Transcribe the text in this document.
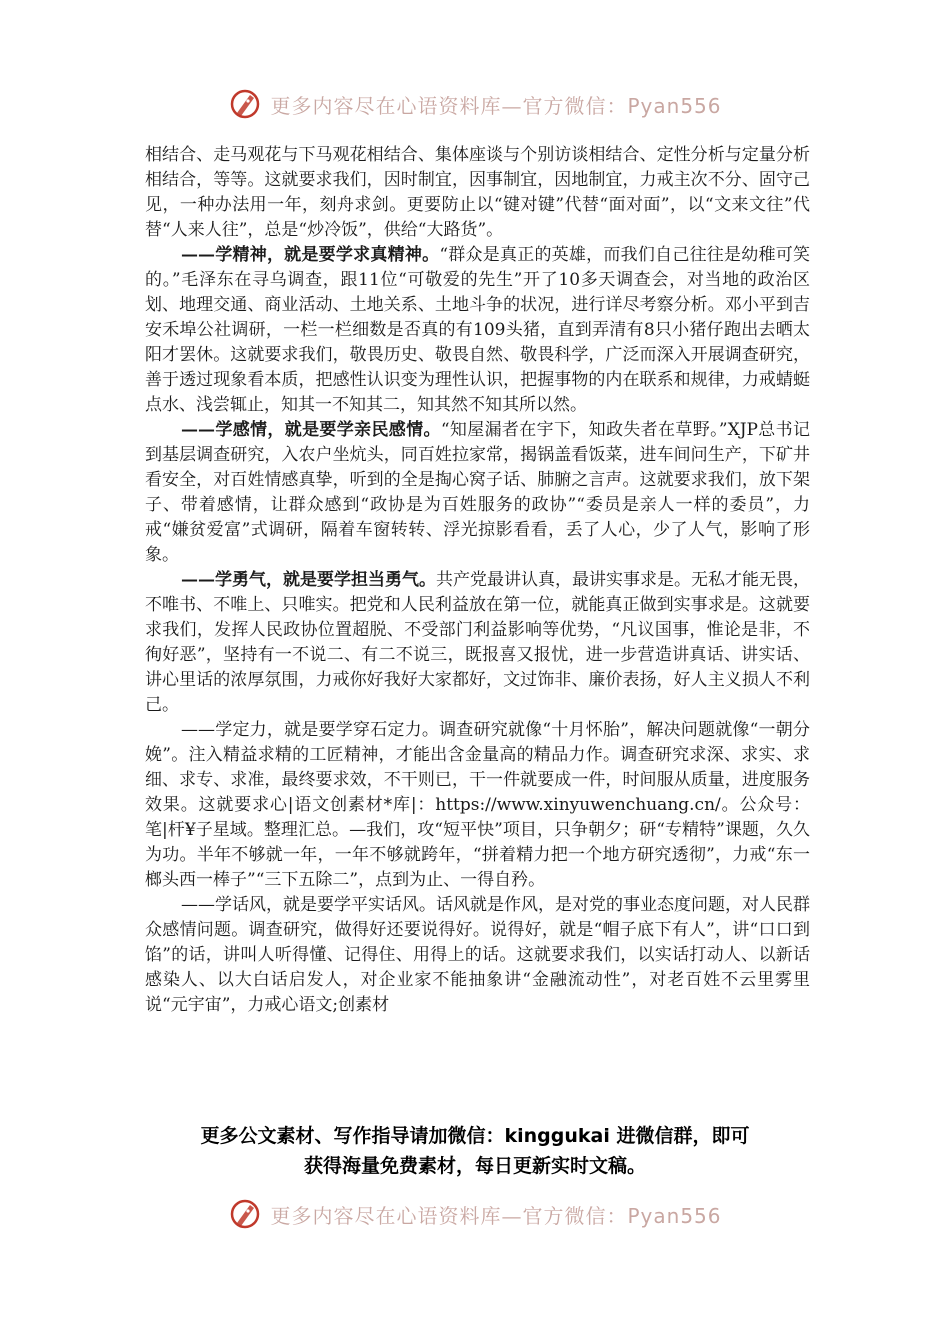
更多内容尽在心语资料库—官方微信：Pyan556

相结合、走马观花与下马观花相结合、集体座谈与个别访谈相结合、定性分析与定量分析相结合，等等。这就要求我们，因时制宜，因事制宜，因地制宜，力戒主次不分、固守己见，一种办法用一年，刻舟求剑。更要防止以“键对键”代替“面对面”，以“文来文往”代替“人来人往”，总是“炒冷饭”，供给“大路货”。

——学精神，就是要学求真精神。“群众是真正的英雄，而我们自己往往是幼稚可笑的。”毛泽东在寻乌调查，跟11位“可敬爱的先生”开了10多天调查会，对当地的政治区划、地理交通、商业活动、土地关系、土地斗争的状况，进行详尽考察分析。邓小平到吉安禾埠公社调研，一栏一栏细数是否真的有109头猪，直到弄清有8只小猪仔跑出去晒太阳才罢休。这就要求我们，敬畏历史、敬畏自然、敬畏科学，广泛而深入开展调查研究，善于透过现象看本质，把感性认识变为理性认识，把握事物的内在联系和规律，力戒蜻蜓点水、浅尝辄止，知其一不知其二，知其然不知其所以然。

——学感情，就是要学亲民感情。“知屋漏者在宇下，知政失者在草野。”XJP总书记到基层调查研究，入农户坐炕头，同百姓拉家常，揭锅盖看饭菜，进车间问生产，下矿井看安全，对百姓情感真挚，听到的全是掏心窝子话、肺腑之言声。这就要求我们，放下架子、带着感情，让群众感到“政协是为百姓服务的政协”“委员是亲人一样的委员”，力戒“嫌贫爱富”式调研，隔着车窗转转、浮光掠影看看，丢了人心，少了人气，影响了形象。

——学勇气，就是要学担当勇气。共产党最讲认真，最讲实事求是。无私才能无畏，不唯书、不唯上、只唯实。把党和人民利益放在第一位，就能真正做到实事求是。这就要求我们，发挥人民政协位置超脱、不受部门利益影响等优势，“凡议国事，惟论是非，不徇好恶”，坚持有一不说二、有二不说三，既报喜又报忧，进一步营造讲真话、讲实话、讲心里话的浓厚氛围，力戒你好我好大家都好，文过饰非、廉价表扬，好人主义损人不利己。

——学定力，就是要学穿石定力。调查研究就像“十月怀胎”，解决问题就像“一朝分娩”。注入精益求精的工匠精神，才能出含金量高的精品力作。调查研究求深、求实、求细、求专、求准，最终要求效，不干则已，干一件就要成一件，时间服从质量，进度服务效果。这就要求心|语文创素材*库|：https://www.xinyuwenchuang.cn/。公众号：笔|杆¥子星域。整理汇总。—我们，攻“短平快”项目，只争朝夕；研“专精特”课题，久久为功。半年不够就一年，一年不够就跨年，“拼着精力把一个地方研究透彻”，力戒“东一榔头西一棒子”“三下五除二”，点到为止、一得自矜。

——学话风，就是要学平实话风。话风就是作风，是对党的事业态度问题，对人民群众感情问题。调查研究，做得好还要说得好。说得好，就是“帽子底下有人”，讲“口口到馅”的话，讲叫人听得懂、记得住、用得上的话。这就要求我们，以实话打动人、以新话感染人、以大白话启发人，对企业家不能抽象讲“金融流动性”，对老百姓不云里雾里说“元宇宙”，力戒心语文;创素材

更多公文素材、写作指导请加微信：kinggukai 进微信群，即可

获得海量免费素材，每日更新实时文稿。

更多内容尽在心语资料库—官方微信：Pyan556
